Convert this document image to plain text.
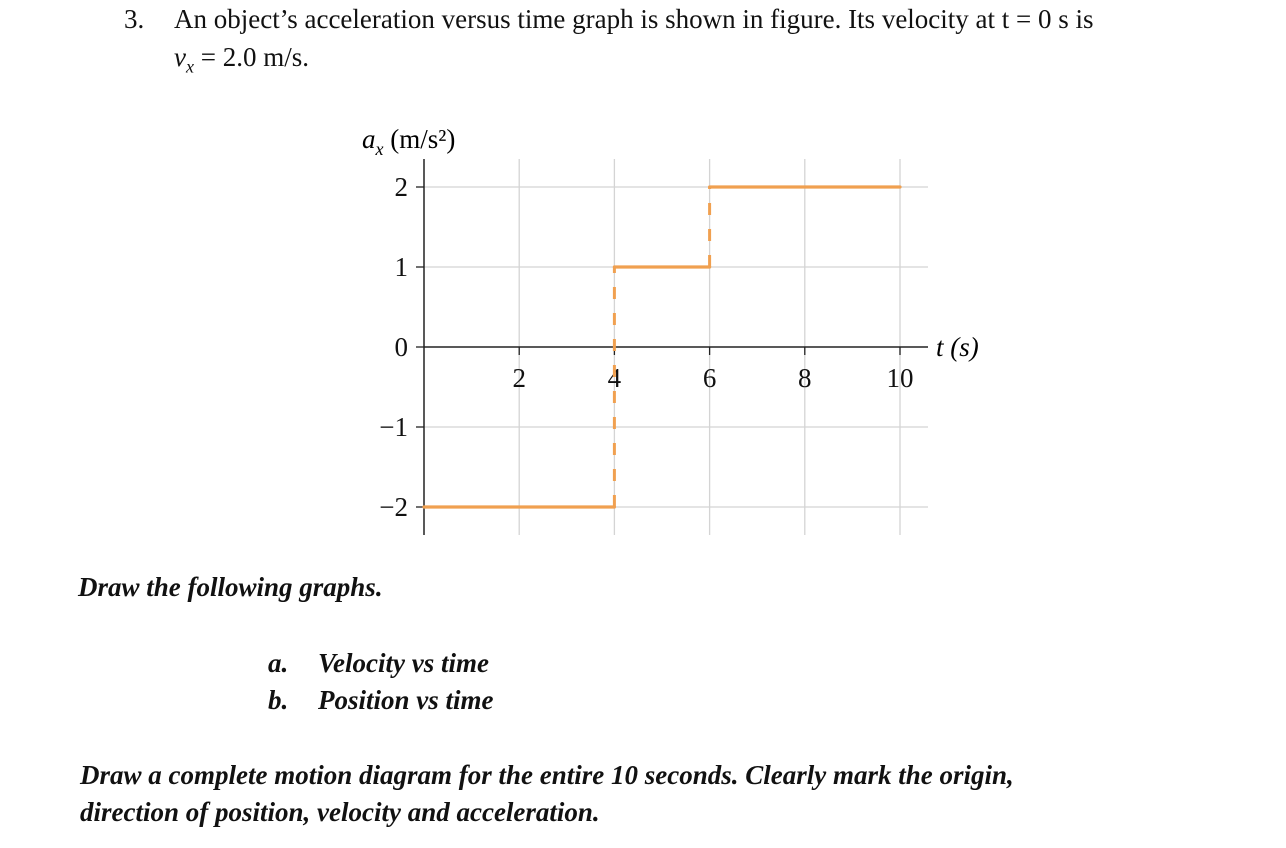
3. An object’s acceleration versus time graph is shown in figure. Its velocity at t = 0 s is
$v_x = 2.0$ m/s.
2
1
0
−1
−2
2	4	6	8	10
$a_x$ (m/s²)
t (s)
Draw the following graphs.
a. Velocity vs time
b. Position vs time
Draw a complete motion diagram for the entire 10 seconds. Clearly mark the origin,
direction of position, velocity and acceleration.
